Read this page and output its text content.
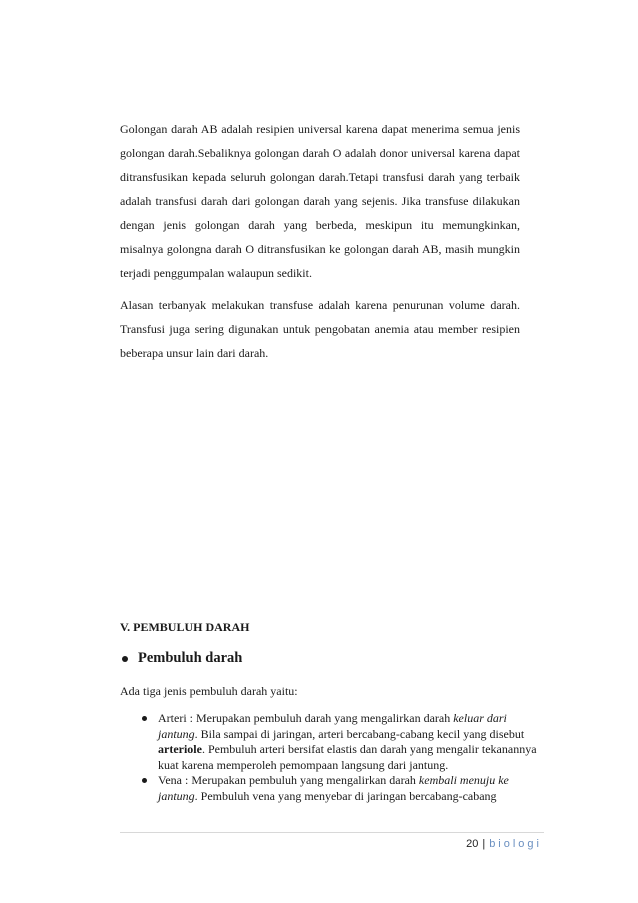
Golongan darah AB adalah resipien universal karena dapat menerima semua jenis golongan darah.Sebaliknya golongan darah O adalah donor universal karena dapat ditransfusikan kepada seluruh golongan darah.Tetapi transfusi darah yang terbaik adalah transfusi darah dari golongan darah yang sejenis. Jika transfuse dilakukan dengan jenis golongan darah yang berbeda, meskipun itu memungkinkan, misalnya golongna darah O ditransfusikan ke golongan darah AB, masih mungkin terjadi penggumpalan walaupun sedikit.

Alasan terbanyak melakukan transfuse adalah karena penurunan volume darah. Transfusi juga sering digunakan untuk pengobatan anemia atau member resipien beberapa unsur lain dari darah.

V. PEMBULUH DARAH
Pembuluh darah

Ada tiga jenis pembuluh darah yaitu:

Arteri : Merupakan pembuluh darah yang mengalirkan darah keluar dari jantung. Bila sampai di jaringan, arteri bercabang-cabang kecil yang disebut arteriole. Pembuluh arteri bersifat elastis dan darah yang mengalir tekanannya kuat karena memperoleh pemompaan langsung dari jantung.
Vena : Merupakan pembuluh yang mengalirkan darah kembali menuju ke jantung. Pembuluh vena yang menyebar di jaringan bercabang-cabang
20 | biologi
